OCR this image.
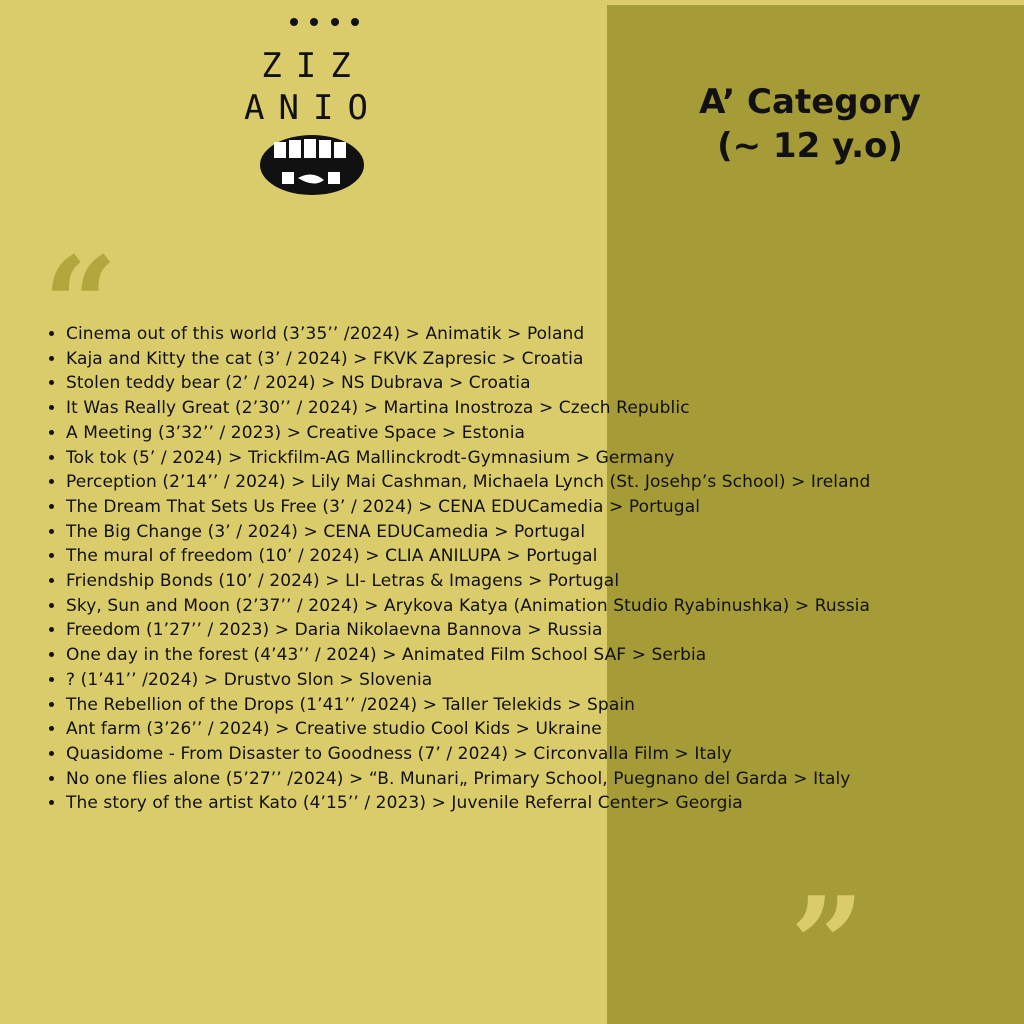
ZIZ
ANIO	A’ Category
(~ 12 y.o)
“
”
• Cinema out of this world (3’35’’ /2024) > Animatik > Poland
• Kaja and Kitty the cat (3’ / 2024) > FKVK Zapresic > Croatia
• Stolen teddy bear (2’ / 2024) > NS Dubrava > Croatia
• It Was Really Great (2’30’’ / 2024) > Martina Inostroza > Czech Republic
• A Meeting (3’32’’ / 2023) > Creative Space > Estonia
• Tok tok (5’ / 2024) > Trickfilm-AG Mallinckrodt-Gymnasium > Germany
• Perception (2’14’’ / 2024) > Lily Mai Cashman, Michaela Lynch (St. Josehp’s School) > Ireland
• The Dream That Sets Us Free (3’ / 2024) > CENA EDUCamedia > Portugal
• The Big Change (3’ / 2024) > CENA EDUCamedia > Portugal
• The mural of freedom (10’ / 2024) > CLIA ANILUPA > Portugal
• Friendship Bonds (10’ / 2024) > LI- Letras & Imagens > Portugal
• Sky, Sun and Moon (2’37’’ / 2024) > Arykova Katya (Animation Studio Ryabinushka) > Russia
• Freedom (1’27’’ / 2023) > Daria Nikolaevna Bannova > Russia
• One day in the forest (4’43’’ / 2024) > Animated Film School SAF > Serbia
• ? (1’41’’ /2024) > Drustvo Slon > Slovenia
• The Rebellion of the Drops (1’41’’ /2024) > Taller Telekids > Spain
• Ant farm (3’26’’ / 2024) > Creative studio Cool Kids > Ukraine
• Quasidome - From Disaster to Goodness (7’ / 2024) > Circonvalla Film > Italy
• No one flies alone (5’27’’ /2024) > “B. Munari„ Primary School, Puegnano del Garda > Italy
• The story of the artist Kato (4’15’’ / 2023) > Juvenile Referral Center> Georgia
